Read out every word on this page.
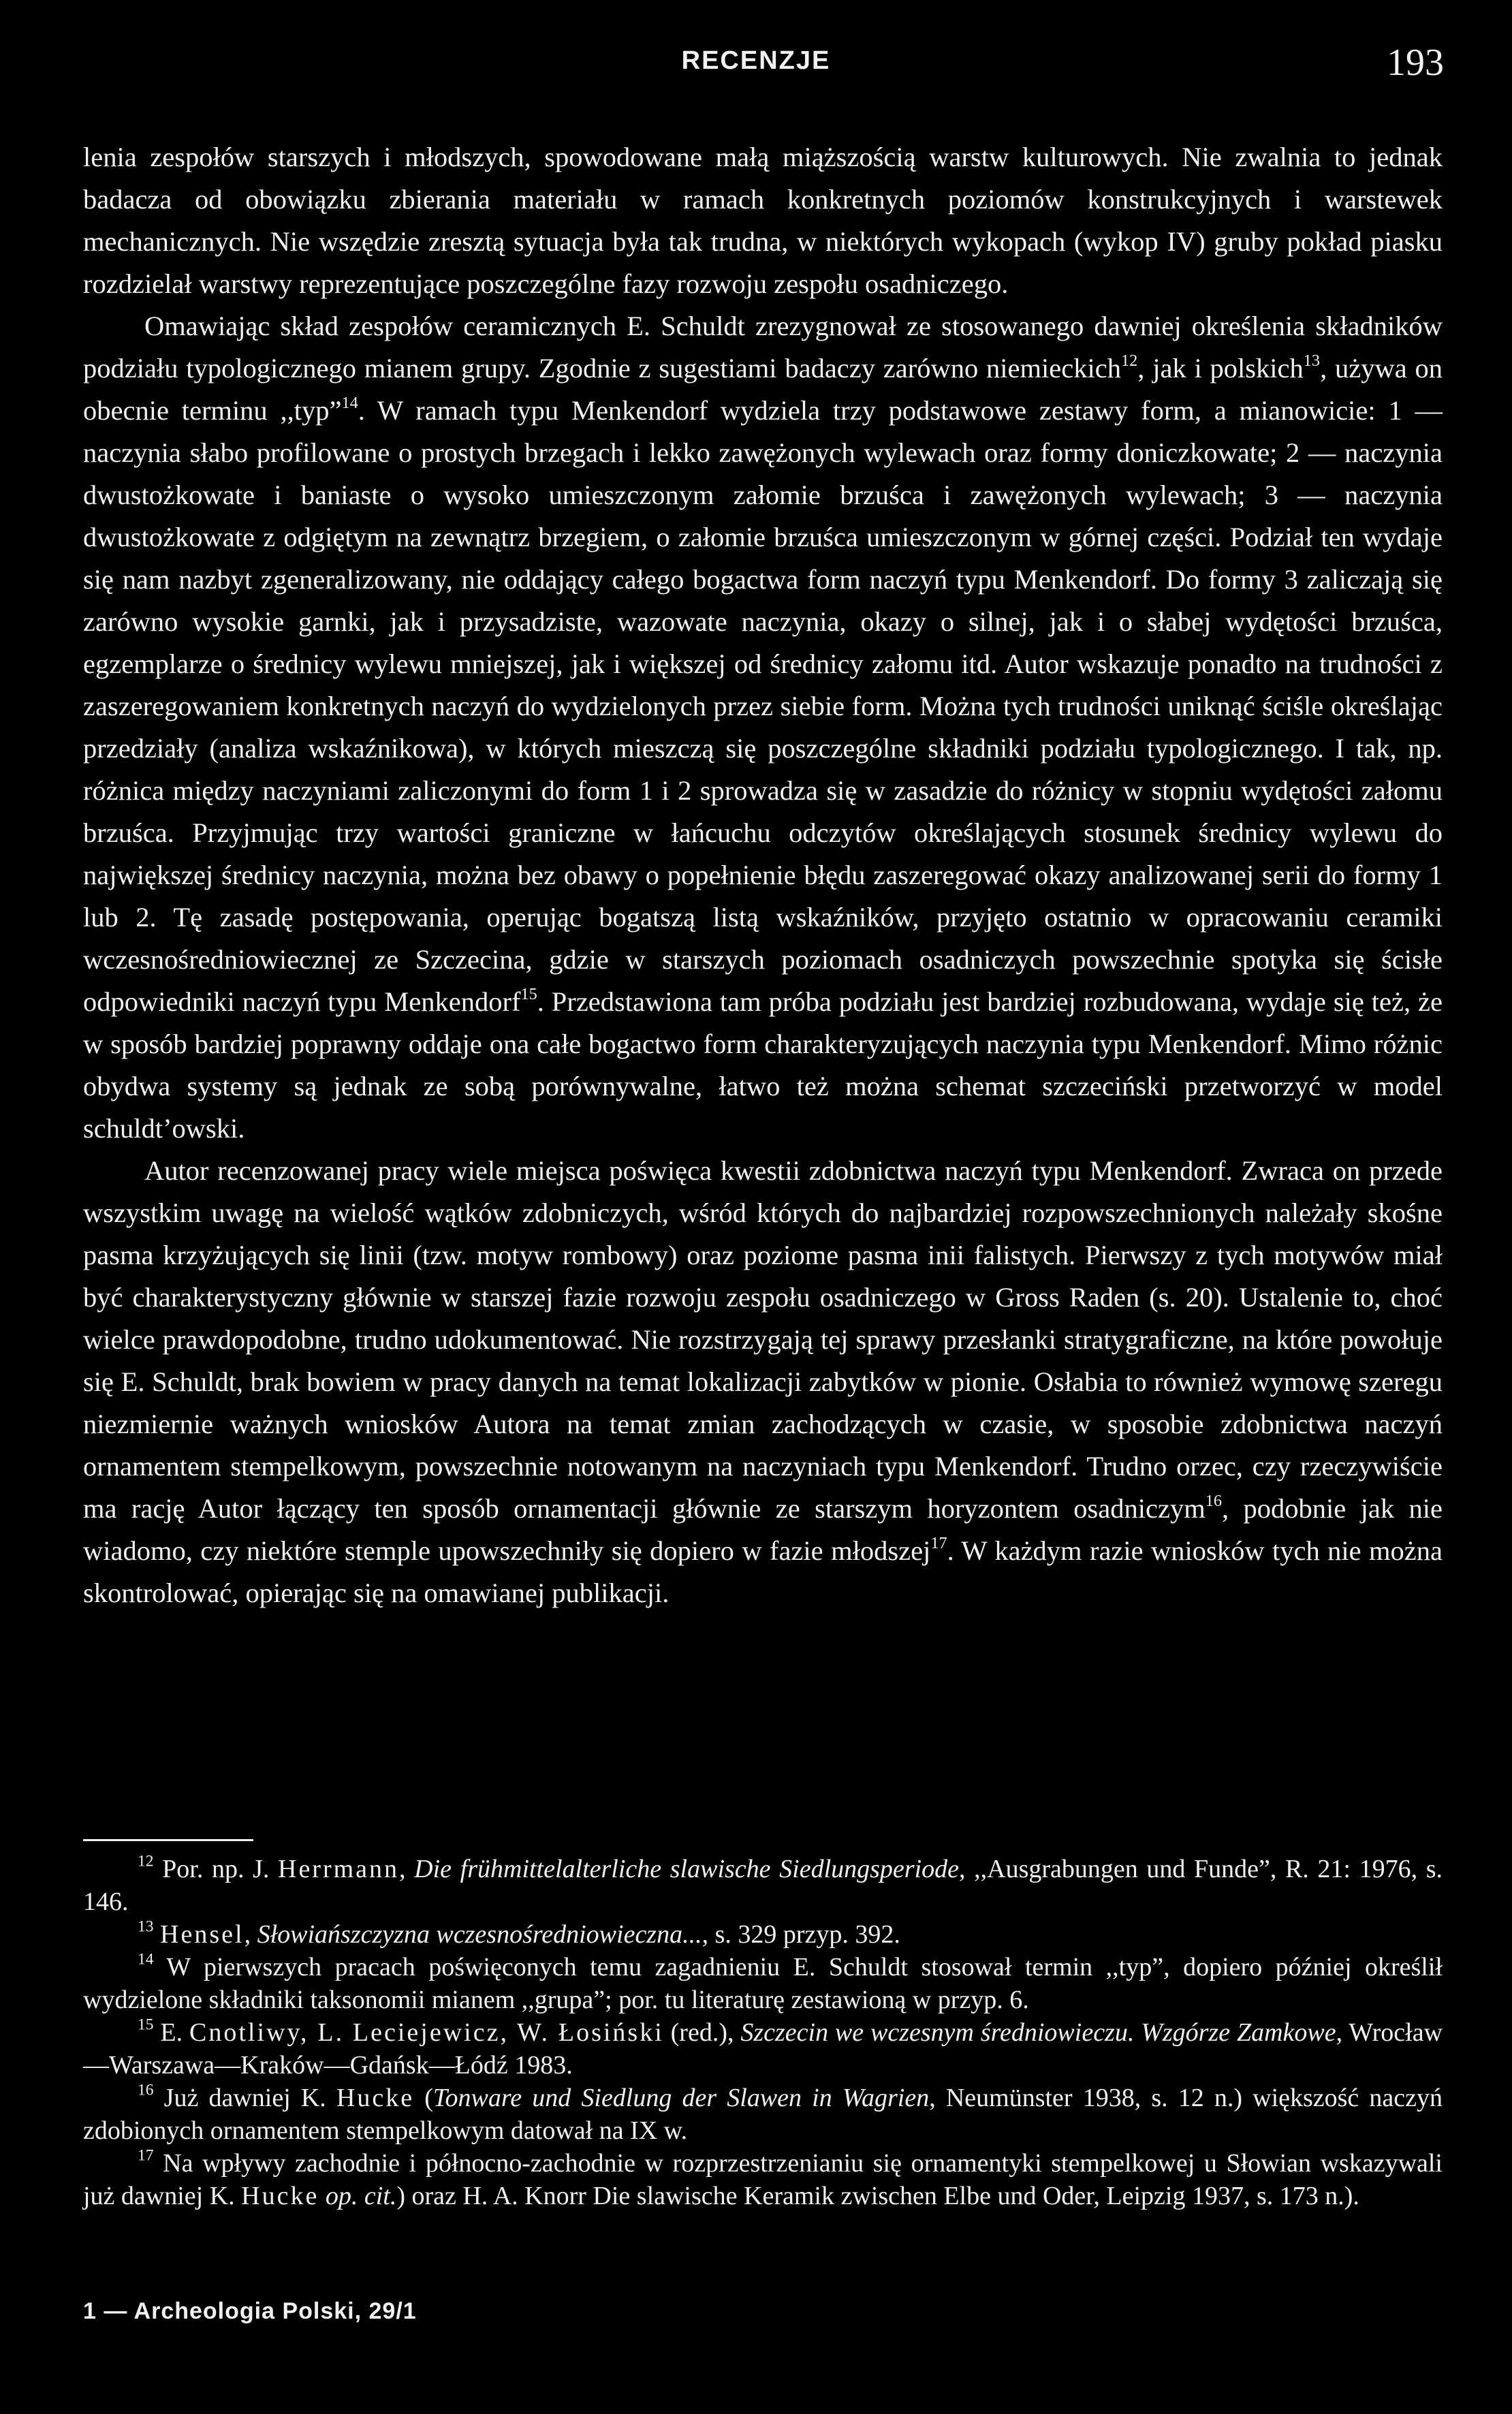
RECENZJE	193

lenia zespołów starszych i młodszych, spowodowane małą miąższością warstw kulturowych. Nie zwalnia to jednak badacza od obowiązku zbierania materiału w ramach konkretnych poziomów konstrukcyjnych i warstewek mechanicznych. Nie wszędzie zresztą sytuacja była tak trudna, w niektórych wykopach (wykop IV) gruby pokład piasku rozdzielał warstwy reprezentujące poszczególne fazy rozwoju zespołu osadniczego.

Omawiając skład zespołów ceramicznych E. Schuldt zrezygnował ze stosowanego dawniej określenia składników podziału typologicznego mianem grupy. Zgodnie z sugestiami badaczy zarówno niemieckich$^{12}$, jak i polskich$^{13}$, używa on obecnie terminu ,,typ”$^{14}$. W ramach typu Menkendorf wydziela trzy podstawowe zestawy form, a mianowicie: 1 — naczynia słabo profilowane o prostych brzegach i lekko zawężonych wylewach oraz formy doniczkowate; 2 — naczynia dwustożkowate i baniaste o wysoko umieszczonym załomie brzuśca i zawężonych wylewach; 3 — naczynia dwustożkowate z odgiętym na zewnątrz brzegiem, o załomie brzuśca umieszczonym w górnej części. Podział ten wydaje się nam nazbyt zgeneralizowany, nie oddający całego bogactwa form naczyń typu Menkendorf. Do formy 3 zaliczają się zarówno wysokie garnki, jak i przysadziste, wazowate naczynia, okazy o silnej, jak i o słabej wydętości brzuśca, egzemplarze o średnicy wylewu mniejszej, jak i większej od średnicy załomu itd. Autor wskazuje ponadto na trudności z zaszeregowaniem konkretnych naczyń do wydzielonych przez siebie form. Można tych trudności uniknąć ściśle określając przedziały (analiza wskaźnikowa), w których mieszczą się poszczególne składniki podziału typologicznego. I tak, np. różnica między naczyniami zaliczonymi do form 1 i 2 sprowadza się w zasadzie do różnicy w stopniu wydętości załomu brzuśca. Przyjmując trzy wartości graniczne w łańcuchu odczytów określających stosunek średnicy wylewu do największej średnicy naczynia, można bez obawy o popełnienie błędu zaszeregować okazy analizowanej serii do formy 1 lub 2. Tę zasadę postępowania, operując bogatszą listą wskaźników, przyjęto ostatnio w opracowaniu ceramiki wczesnośredniowiecznej ze Szczecina, gdzie w starszych poziomach osadniczych powszechnie spotyka się ścisłe odpowiedniki naczyń typu Menkendorf$^{15}$. Przedstawiona tam próba podziału jest bardziej rozbudowana, wydaje się też, że w sposób bardziej poprawny oddaje ona całe bogactwo form charakteryzujących naczynia typu Menkendorf. Mimo różnic obydwa systemy są jednak ze sobą porównywalne, łatwo też można schemat szczeciński przetworzyć w model schuldt’owski.

Autor recenzowanej pracy wiele miejsca poświęca kwestii zdobnictwa naczyń typu Menkendorf. Zwraca on przede wszystkim uwagę na wielość wątków zdobniczych, wśród których do najbardziej rozpowszechnionych należały skośne pasma krzyżujących się linii (tzw. motyw rombowy) oraz poziome pasma inii falistych. Pierwszy z tych motywów miał być charakterystyczny głównie w starszej fazie rozwoju zespołu osadniczego w Gross Raden (s. 20). Ustalenie to, choć wielce prawdopodobne, trudno udokumentować. Nie rozstrzygają tej sprawy przesłanki stratygraficzne, na które powołuje się E. Schuldt, brak bowiem w pracy danych na temat lokalizacji zabytków w pionie. Osłabia to również wymowę szeregu niezmiernie ważnych wniosków Autora na temat zmian zachodzących w czasie, w sposobie zdobnictwa naczyń ornamentem stempelkowym, powszechnie notowanym na naczyniach typu Menkendorf. Trudno orzec, czy rzeczywiście ma rację Autor łączący ten sposób ornamentacji głównie ze starszym horyzontem osadniczym$^{16}$, podobnie jak nie wiadomo, czy niektóre stemple upowszechniły się dopiero w fazie młodszej$^{17}$. W każdym razie wniosków tych nie można skontrolować, opierając się na omawianej publikacji.

$^{12}$ Por. np. J. Herrmann, Die frühmittelalterliche slawische Siedlungsperiode, ,,Ausgrabungen und Funde”, R. 21: 1976, s. 146.

$^{13}$ Hensel, Słowiańszczyzna wczesnośredniowieczna..., s. 329 przyp. 392.

$^{14}$ W pierwszych pracach poświęconych temu zagadnieniu E. Schuldt stosował termin ,,typ”, dopiero później określił wydzielone składniki taksonomii mianem ,,grupa”; por. tu literaturę zestawioną w przyp. 6.

$^{15}$ E. Cnotliwy, L. Leciejewicz, W. Łosiński (red.), Szczecin we wczesnym średniowieczu. Wzgórze Zamkowe, Wrocław—Warszawa—Kraków—Gdańsk—Łódź 1983.

$^{16}$ Już dawniej K. Hucke (Tonware und Siedlung der Slawen in Wagrien, Neumünster 1938, s. 12 n.) większość naczyń zdobionych ornamentem stempelkowym datował na IX w.

$^{17}$ Na wpływy zachodnie i północno-zachodnie w rozprzestrzenianiu się ornamentyki stempelkowej u Słowian wskazywali już dawniej K. Hucke op. cit.) oraz H. A. Knorr Die slawische Keramik zwischen Elbe und Oder, Leipzig 1937, s. 173 n.).

1 — Archeologia Polski, 29/1
